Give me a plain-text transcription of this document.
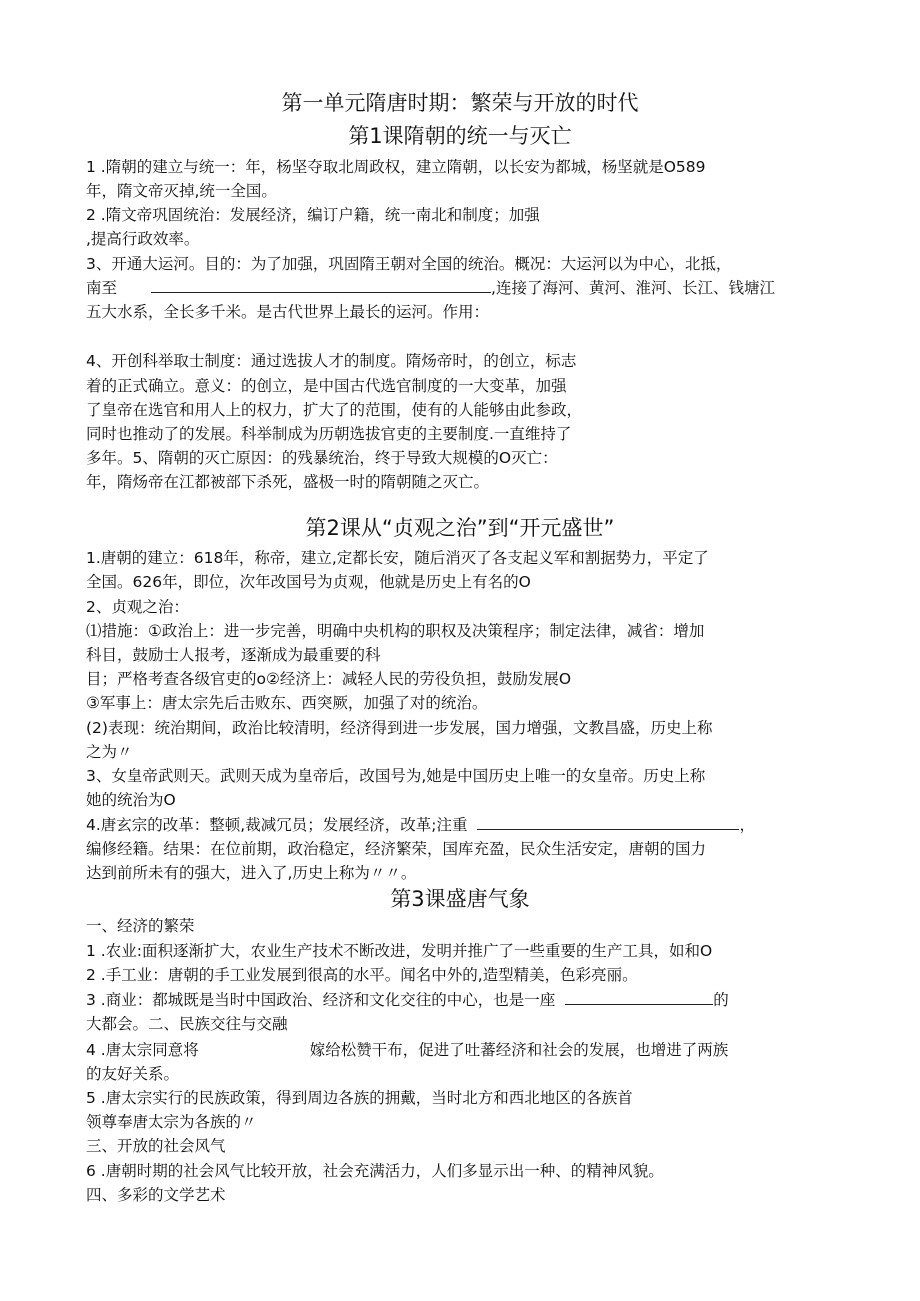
第一单元隋唐时期：繁荣与开放的时代
第1课隋朝的统一与灭亡
1 .隋朝的建立与统一：年，杨坚夺取北周政权，建立隋朝，以长安为都城，杨坚就是O589
年，隋文帝灭掉,统一全国。
2 .隋文帝巩固统治：发展经济，编订户籍，统一南北和制度；加强
,提高行政效率。
3、开通大运河。目的：为了加强，巩固隋王朝对全国的统治。概况：大运河以为中心，北抵，
南至	,连接了海河、黄河、淮河、长江、钱塘江
五大水系，全长多千米。是古代世界上最长的运河。作用：
4、开创科举取士制度：通过选拔人才的制度。隋炀帝时，的创立，标志
着的正式确立。意义：的创立，是中国古代选官制度的一大变革，加强
了皇帝在选官和用人上的权力，扩大了的范围，使有的人能够由此参政，
同时也推动了的发展。科举制成为历朝选拔官吏的主要制度.一直维持了
多年。5、隋朝的灭亡原因：的残暴统治，终于导致大规模的O灭亡：
年，隋炀帝在江都被部下杀死，盛极一时的隋朝随之灭亡。
第2课从“贞观之治”到“开元盛世”
1.唐朝的建立：618年，称帝，建立,定都长安，随后消灭了各支起义军和割据势力，平定了
全国。626年，即位，次年改国号为贞观，他就是历史上有名的O
2、贞观之治：
⑴措施：①政治上：进一步完善，明确中央机构的职权及决策程序；制定法律，减省：增加
科目，鼓励士人报考，逐渐成为最重要的科
目；严格考查各级官吏的o②经济上：减轻人民的劳役负担，鼓励发展O
③军事上：唐太宗先后击败东、西突厥，加强了对的统治。
(2)表现：统治期间，政治比较清明，经济得到进一步发展，国力增强，文教昌盛，历史上称
之为〃
3、女皇帝武则天。武则天成为皇帝后，改国号为,她是中国历史上唯一的女皇帝。历史上称
她的统治为O
4.唐玄宗的改革：整顿,裁减冗员；发展经济，改革;注重	，
编修经籍。结果：在位前期，政治稳定，经济繁荣，国库充盈，民众生活安定，唐朝的国力
达到前所未有的强大，进入了,历史上称为〃〃。
第3课盛唐气象
一、经济的繁荣
1 .农业:面积逐渐扩大，农业生产技术不断改进，发明并推广了一些重要的生产工具，如和O
2 .手工业：唐朝的手工业发展到很高的水平。闻名中外的,造型精美，色彩亮丽。
3 .商业：都城既是当时中国政治、经济和文化交往的中心，也是一座	的
大都会。二、民族交往与交融
4 .唐太宗同意将	嫁给松赞干布，促进了吐蕃经济和社会的发展，也增进了两族
的友好关系。
5 .唐太宗实行的民族政策，得到周边各族的拥戴，当时北方和西北地区的各族首
领尊奉唐太宗为各族的〃
三、开放的社会风气
6 .唐朝时期的社会风气比较开放，社会充满活力，人们多显示出一种、的精神风貌。
四、多彩的文学艺术
